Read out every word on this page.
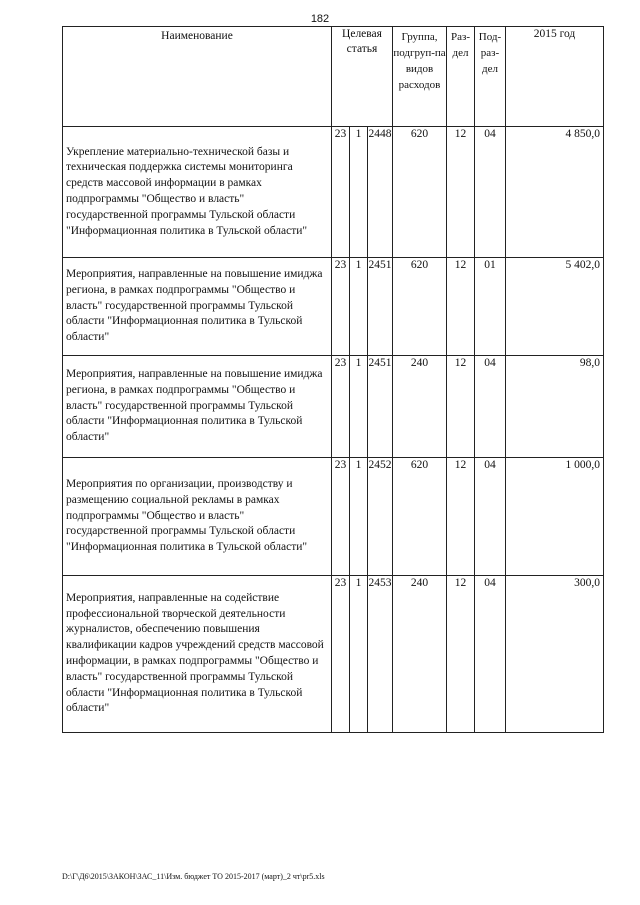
182
Наименование	Целевая статья			Группа, подгруп-па видов расходов	Раз-дел	Под-раз-дел	2015 год
Укрепление материально-технической базы и техническая поддержка системы мониторинга средств массовой информации в рамках подпрограммы "Общество и власть" государственной программы Тульской области "Информационная политика в Тульской области"	23	1	2448	620	12	04	4 850,0
Мероприятия, направленные на повышение имиджа региона, в рамках подпрограммы "Общество и власть" государственной программы Тульской области "Информационная политика в Тульской области"	23	1	2451	620	12	01	5 402,0
Мероприятия, направленные на повышение имиджа региона, в рамках подпрограммы "Общество и власть" государственной программы Тульской области "Информационная политика в Тульской области"	23	1	2451	240	12	04	98,0
Мероприятия по организации, производству и размещению социальной рекламы в рамках подпрограммы "Общество и власть" государственной программы Тульской области "Информационная политика в Тульской области"	23	1	2452	620	12	04	1 000,0
Мероприятия, направленные на содействие профессиональной творческой деятельности журналистов, обеспечению повышения квалификации кадров учреждений средств массовой информации, в рамках подпрограммы "Общество и власть" государственной программы Тульской области "Информационная политика в Тульской области"	23	1	2453	240	12	04	300,0
D:\Г\Д6\2015\ЗАКОН\ЗАС_11\Изм. бюджет ТО 2015-2017 (март)_2 чт\pr5.xls
